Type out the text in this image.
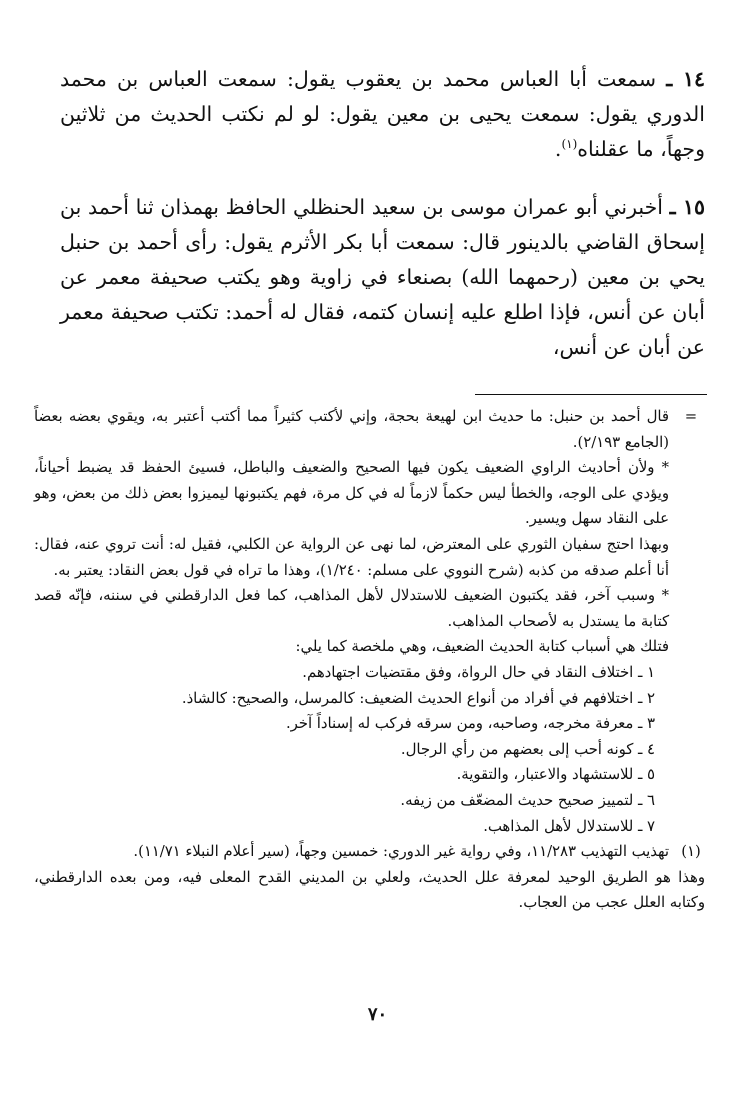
١٤ ـ سمعت أبا العباس محمد بن يعقوب يقول: سمعت العباس بن محمد الدوري يقول: سمعت يحيى بن معين يقول: لو لم نكتب الحديث من ثلاثين وجهاً، ما عقلناه$^{(١)}$.

١٥ ـ أخبرني أبو عمران موسى بن سعيد الحنظلي الحافظ بهمذان ثنا أحمد بن إسحاق القاضي بالدينور قال: سمعت أبا بكر الأثرم يقول: رأى أحمد بن حنبل يحي بن معين (رحمهما الله) بصنعاء في زاوية وهو يكتب صحيفة معمر عن أبان عن أنس، فإذا اطلع عليه إنسان كتمه، فقال له أحمد: تكتب صحيفة معمر عن أبان عن أنس،

=

قال أحمد بن حنبل: ما حديث ابن لهيعة بحجة، وإني لأكتب كثيراً مما أكتب أعتبر به، ويقوي بعضه بعضاً (الجامع ٢/١٩٣).

* ولأن أحاديث الراوي الضعيف يكون فيها الصحيح والضعيف والباطل، فسيئ الحفظ قد يضبط أحياناً، ويؤدي على الوجه، والخطأ ليس حكماً لازماً له في كل مرة، فهم يكتبونها ليميزوا بعض ذلك من بعض، وهو على النقاد سهل ويسير.

وبهذا احتج سفيان الثوري على المعترض، لما نهى عن الرواية عن الكلبي، فقيل له: أنت تروي عنه، فقال: أنا أعلم صدقه من كذبه (شرح النووي على مسلم: ١/٢٤٠)، وهذا ما تراه في قول بعض النقاد: يعتبر به.

* وسبب آخر، فقد يكتبون الضعيف للاستدلال لأهل المذاهب، كما فعل الدارقطني في سننه، فإنّه قصد كتابة ما يستدل به لأصحاب المذاهب.

فتلك هي أسباب كتابة الحديث الضعيف، وهي ملخصة كما يلي:

١ ـ اختلاف النقاد في حال الرواة، وفق مقتضيات اجتهادهم.

٢ ـ اختلافهم في أفراد من أنواع الحديث الضعيف: كالمرسل، والصحيح: كالشاذ.

٣ ـ معرفة مخرجه، وصاحبه، ومن سرقه فركب له إسناداً آخر.

٤ ـ كونه أحب إلى بعضهم من رأي الرجال.

٥ ـ للاستشهاد والاعتبار، والتقوية.

٦ ـ لتمييز صحيح حديث المضعّف من زيفه.

٧ ـ للاستدلال لأهل المذاهب.

(١)

تهذيب التهذيب ١١/٢٨٣، وفي رواية غير الدوري: خمسين وجهاً، (سير أعلام النبلاء ١١/٧١).

وهذا هو الطريق الوحيد لمعرفة علل الحديث، ولعلي بن المديني القدح المعلى فيه، ومن بعده الدارقطني، وكتابه العلل عجب من العجاب.

٧٠
